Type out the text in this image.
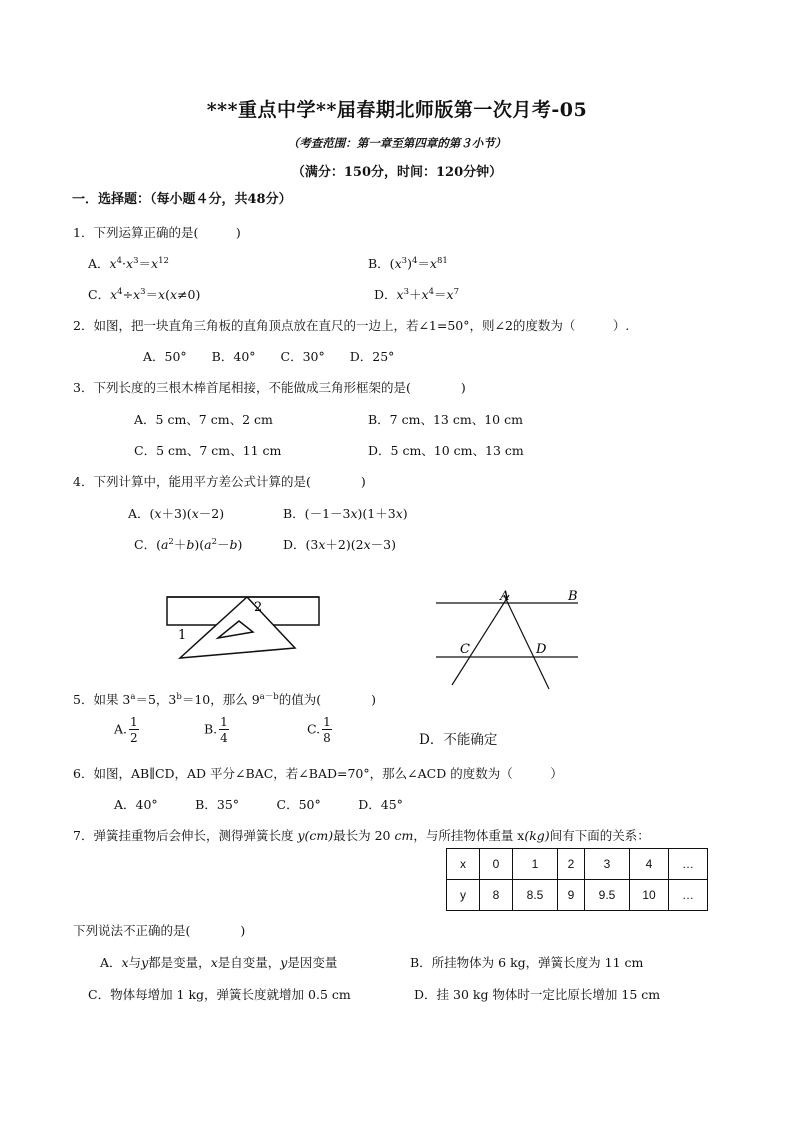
***重点中学**届春期北师版第一次月考-05
（考查范围：第一章至第四章的第３小节）
（满分：150分，时间：120分钟）
一．选择题：（每小题４分，共48分）
1．下列运算正确的是(　　　)
A．$x^4\cdot x^3=x^{12}$	B．$(x^3)^4=x^{81}$
C．$x^4\div x^3=x(x\ne 0)$	D．$x^3+x^4=x^7$
2．如图，把一块直角三角板的直角顶点放在直尺的一边上，若∠1=50°，则∠2的度数为（　　　）.
A．50°　　B．40°　　C．30°　　D．25°
3．下列长度的三根木棒首尾相接，不能做成三角形框架的是(　　　　)
A．5 cm、7 cm、2 cm	B．7 cm、13 cm、10 cm
C．5 cm、7 cm、11 cm	D．5 cm、10 cm、13 cm
4．下列计算中，能用平方差公式计算的是(　　　　)
A．(x＋3)(x－2)	B．(－1－3x)(1＋3x)
C．$(a^2+b)(a^2-b)$	D．(3x＋2)(2x－3)
1
2
A	B
C	D
5．如果 $3^a=5$，$3^b=10$，那么 $9^{a-b}$的值为(　　　　)
A. $\frac{1}{2}$	B. $\frac{1}{4}$	C. $\frac{1}{8}$	D．不能确定
6．如图，AB∥CD，AD 平分∠BAC，若∠BAD=70°，那么∠ACD 的度数为（　　　）
A．40°　　　B．35°　　　C．50°　　　D．45°
7．弹簧挂重物后会伸长，测得弹簧长度 y(cm)最长为 20 cm，与所挂物体重量 x(kg)间有下面的关系：
x	0	1	2	3	4	…
y	8	8.5	9	9.5	10	…
下列说法不正确的是(　　　　)
A．x与y都是变量，x是自变量，y是因变量	B．所挂物体为 6 kg，弹簧长度为 11 cm
C．物体每增加 1 kg，弹簧长度就增加 0.5 cm	D．挂 30 kg 物体时一定比原长增加 15 cm
